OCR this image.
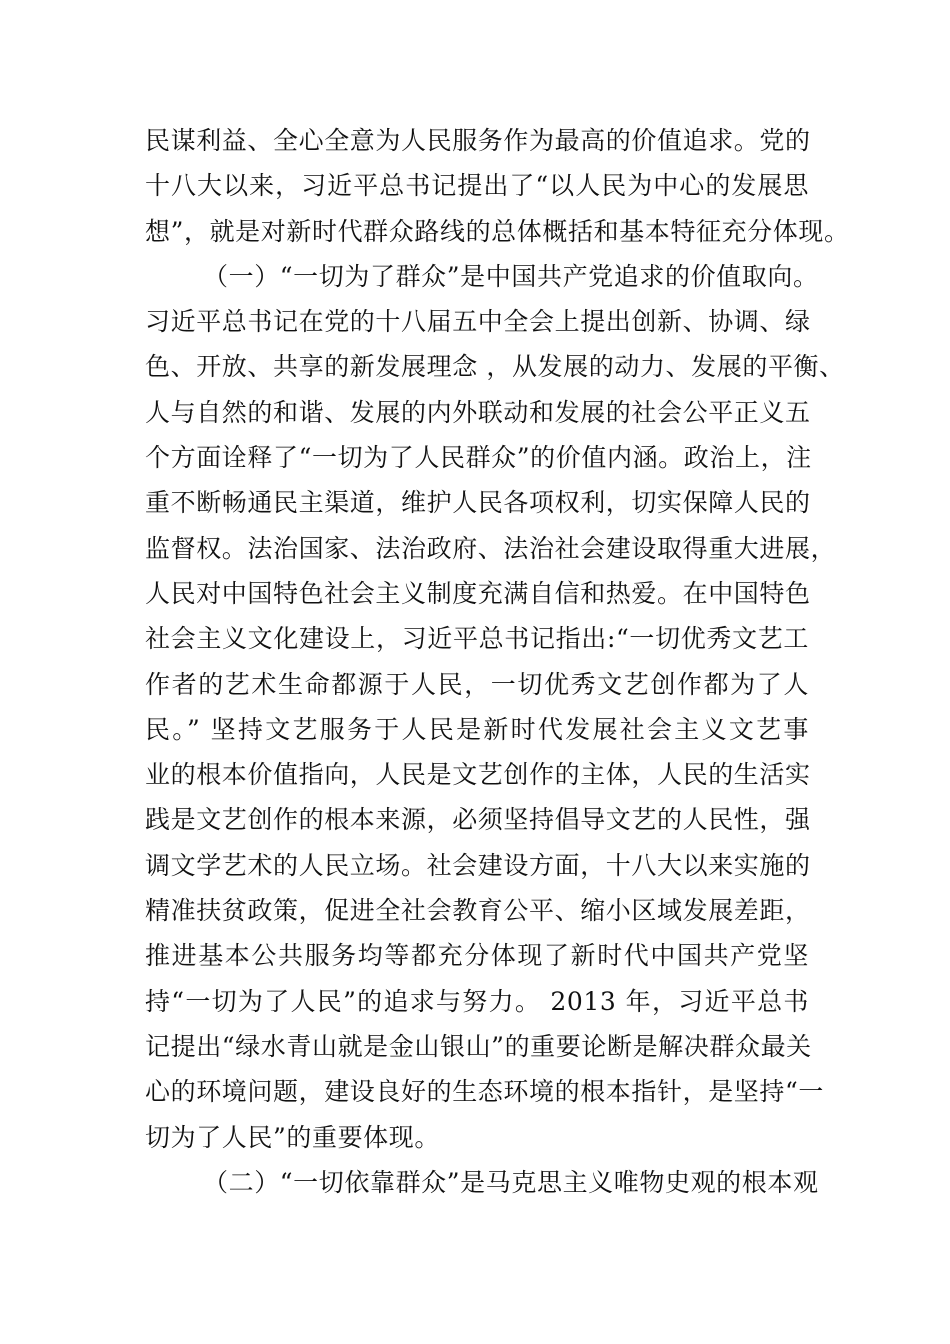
民谋利益、全心全意为人民服务作为最高的价值追求。党的
十八大以来，习近平总书记提出了“以人民为中心的发展思
想”，就是对新时代群众路线的总体概括和基本特征充分体现。
（一）“一切为了群众”是中国共产党追求的价值取向。
习近平总书记在党的十八届五中全会上提出创新、协调、绿
色、开放、共享的新发展理念 ，从发展的动力、发展的平衡、
人与自然的和谐、发展的内外联动和发展的社会公平正义五
个方面诠释了“一切为了人民群众”的价值内涵。政治上，注
重不断畅通民主渠道，维护人民各项权利，切实保障人民的
监督权。法治国家、法治政府、法治社会建设取得重大进展，
人民对中国特色社会主义制度充满自信和热爱。在中国特色
社会主义文化建设上，习近平总书记指出:“一切优秀文艺工
作者的艺术生命都源于人民，一切优秀文艺创作都为了人
民。” 坚持文艺服务于人民是新时代发展社会主义文艺事
业的根本价值指向，人民是文艺创作的主体，人民的生活实
践是文艺创作的根本来源，必须坚持倡导文艺的人民性，强
调文学艺术的人民立场。社会建设方面，十八大以来实施的
精准扶贫政策，促进全社会教育公平、缩小区域发展差距，
推进基本公共服务均等都充分体现了新时代中国共产党坚
持“一切为了人民”的追求与努力。 2013 年，习近平总书
记提出“绿水青山就是金山银山”的重要论断是解决群众最关
心的环境问题，建设良好的生态环境的根本指针，是坚持“一
切为了人民”的重要体现。
（二）“一切依靠群众”是马克思主义唯物史观的根本观
